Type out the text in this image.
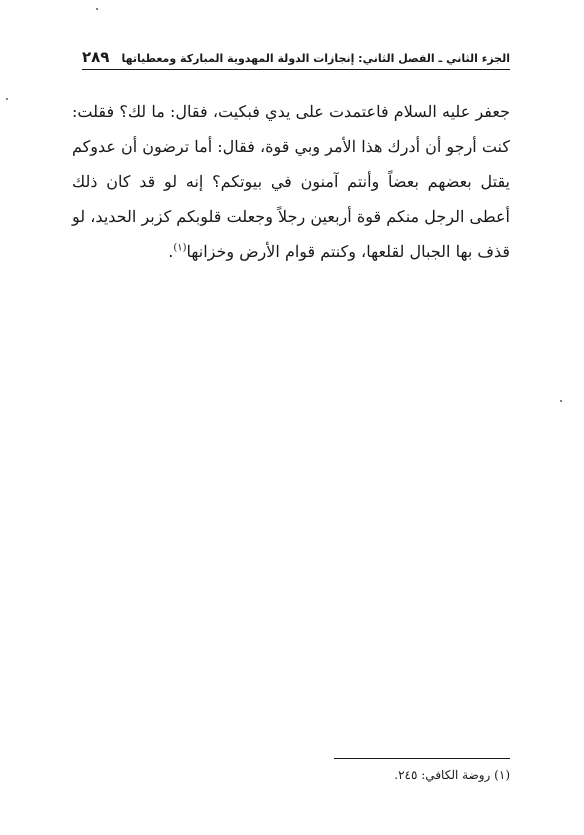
الجزء الثاني ـ الفصل الثاني: إنجازات الدولة المهدوية المباركة ومعطياتها
٢٨٩

جعفر عليه السلام فاعتمدت على يدي فبكيت، فقال: ما لك؟ فقلت: كنت أرجو أن أدرك هذا الأمر وبي قوة، فقال: أما ترضون أن عدوكم يقتل بعضهم بعضاً وأنتم آمنون في بيوتكم؟ إنه لو قد كان ذلك أعطى الرجل منكم قوة أربعين رجلاً وجعلت قلوبكم كزبر الحديد، لو قذف بها الجبال لقلعها، وكنتم قوام الأرض وخزانها$^{(١)}$.

(١) روضة الكافي: ٢٤٥.
